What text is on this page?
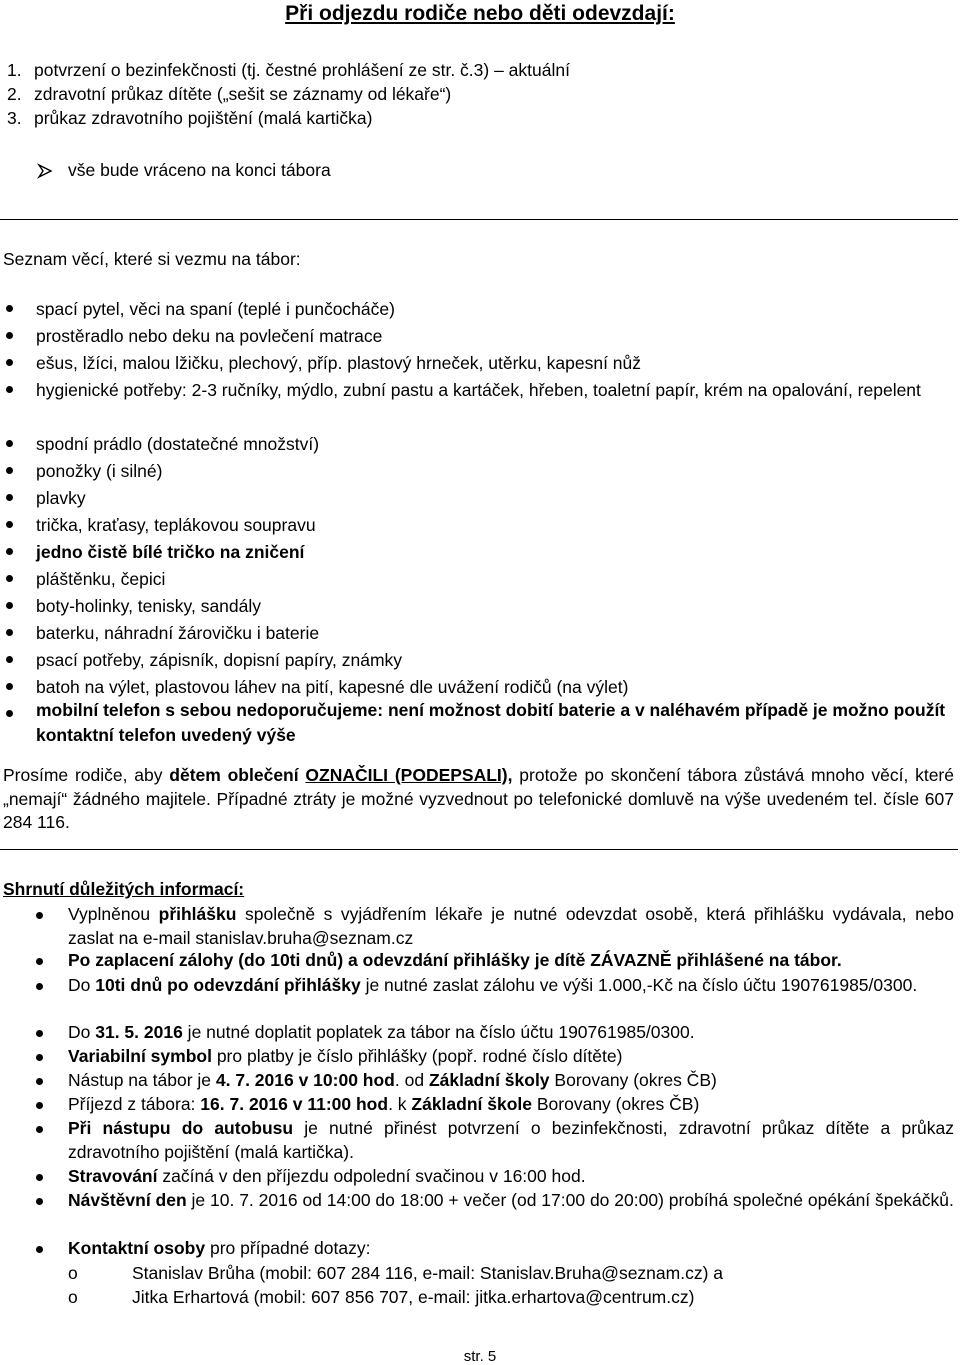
Při odjezdu rodiče nebo děti odevzdají:
1. potvrzení o bezinfekčnosti (tj. čestné prohlášení ze str. č.3) – aktuální
2. zdravotní průkaz dítěte („sešit se záznamy od lékaře“)
3. průkaz zdravotního pojištění (malá kartička)
vše bude vráceno na konci tábora
Seznam věcí, které si vezmu na tábor:
spací pytel, věci na spaní (teplé i punčocháče)
prostěradlo nebo deku na povlečení matrace
ešus, lžíci, malou lžičku, plechový, příp. plastový hrneček, utěrku, kapesní nůž
hygienické potřeby: 2-3 ručníky, mýdlo, zubní pastu a kartáček, hřeben, toaletní papír, krém na opalování, repelent
spodní prádlo (dostatečné množství)
ponožky (i silné)
plavky
trička, kraťasy, teplákovou soupravu
jedno čistě bílé tričko na zničení
pláštěnku, čepici
boty-holinky, tenisky, sandály
baterku, náhradní žárovičku i baterie
psací potřeby, zápisník, dopisní papíry, známky
batoh na výlet, plastovou láhev na pití, kapesné dle uvážení rodičů (na výlet)
mobilní telefon s sebou nedoporučujeme: není možnost dobití baterie a v naléhavém případě je možno použít kontaktní telefon uvedený výše
Prosíme rodiče, aby dětem oblečení OZNAČILI (PODEPSALI), protože po skončení tábora zůstává mnoho věcí, které „nemají“ žádného majitele. Případné ztráty je možné vyzvednout po telefonické domluvě na výše uvedeném tel. čísle 607 284 116.
Shrnutí důležitých informací:
Vyplněnou přihlášku společně s vyjádřením lékaře je nutné odevzdat osobě, která přihlášku vydávala, nebo zaslat na e-mail stanislav.bruha@seznam.cz
Po zaplacení zálohy (do 10ti dnů) a odevzdání přihlášky je dítě ZÁVAZNĚ přihlášené na tábor.
Do 10ti dnů po odevzdání přihlášky je nutné zaslat zálohu ve výši 1.000,-Kč na číslo účtu 190761985/0300.
Do 31. 5. 2016 je nutné doplatit poplatek za tábor na číslo účtu 190761985/0300.
Variabilní symbol pro platby je číslo přihlášky (popř. rodné číslo dítěte)
Nástup na tábor je 4. 7. 2016 v 10:00 hod. od Základní školy Borovany (okres ČB)
Příjezd z tábora: 16. 7. 2016 v 11:00 hod. k Základní škole Borovany (okres ČB)
Při nástupu do autobusu je nutné přinést potvrzení o bezinfekčnosti, zdravotní průkaz dítěte a průkaz zdravotního pojištění (malá kartička).
Stravování začíná v den příjezdu odpolední svačinou v 16:00 hod.
Návštěvní den je 10. 7. 2016 od 14:00 do 18:00 + večer (od 17:00 do 20:00) probíhá společné opékání špekáčků.
Kontaktní osoby pro případné dotazy:
o	Stanislav Brůha (mobil: 607 284 116, e-mail: Stanislav.Bruha@seznam.cz) a
o	Jitka Erhartová (mobil: 607 856 707, e-mail: jitka.erhartova@centrum.cz)
str. 5
